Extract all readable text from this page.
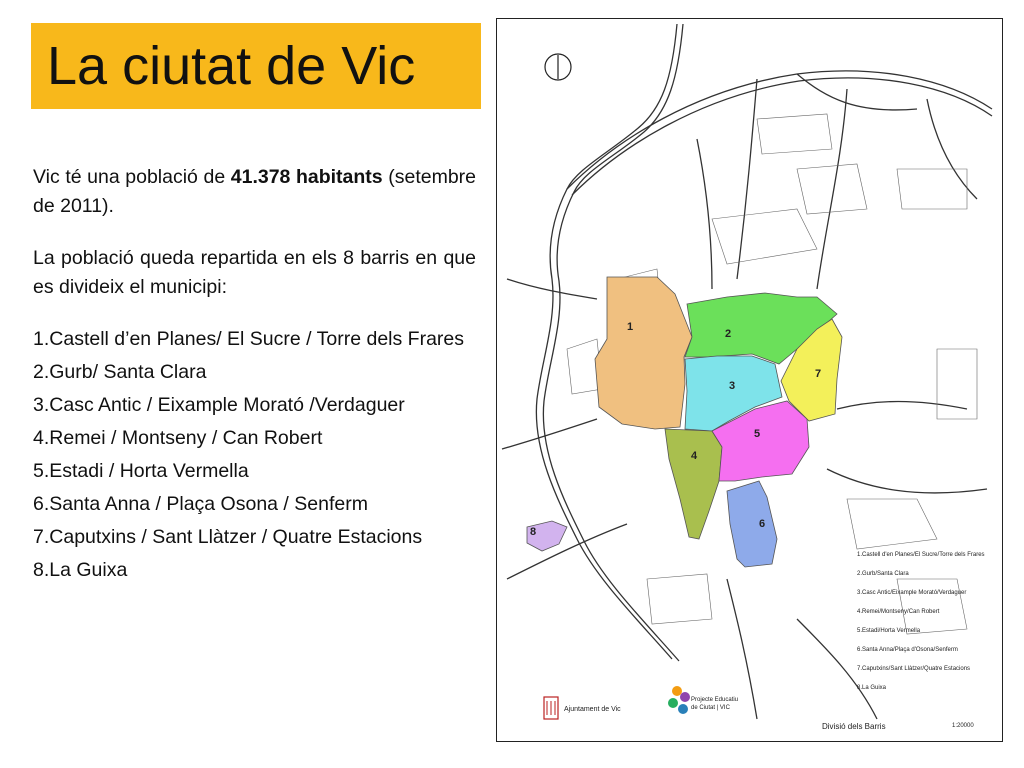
La ciutat de Vic

Vic té una població de 41.378 habitants (setembre de 2011).

La població queda repartida en els 8 barris en que es divideix el municipi:

1.Castell d’en Planes/ El Sucre / Torre dels Frares
2.Gurb/ Santa Clara
3.Casc Antic / Eixample Morató /Verdaguer
4.Remei / Montseny / Can Robert
5.Estadi / Horta Vermella
6.Santa Anna / Plaça Osona / Senferm
7.Caputxins / Sant Llàtzer / Quatre Estacions
8.La Guixa
1
2
3
4
5
6
7
8
1.Castell d'en Planes/El Sucre/Torre dels Frares
2.Gurb/Santa Clara
3.Casc Antic/Eixample Morató/Verdaguer
4.Remei/Montseny/Can Robert
5.Estadi/Horta Vermella
6.Santa Anna/Plaça d'Osona/Senferm
7.Caputxins/Sant Llàtzer/Quatre Estacions
8.La Guixa
Ajuntament de Vic
Projecte Educatiu
de Ciutat | VIC
Divisió dels Barris	1:20000
